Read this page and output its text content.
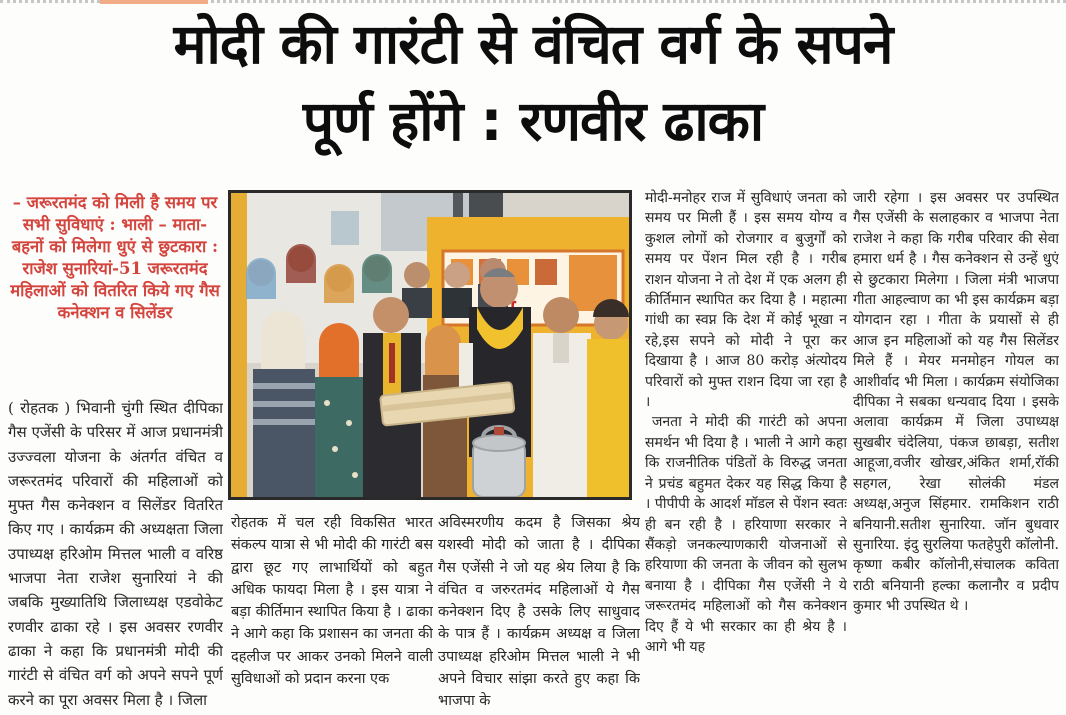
मोदी की गारंटी से वंचित वर्ग के सपने
पूर्ण होंगे : रणवीर ढाका
– जरूरतमंद को मिली है समय पर सभी सुविधाएं : भाली – माता-बहनों को मिलेगा धुएं से छुटकारा : राजेश सुनारियां-51 जरूरतमंद महिलाओं को वितरित किये गए गैस कनेक्शन व सिलेंडर
( रोहतक ) भिवानी चुंगी स्थित दीपिका गैस एजेंसी के परिसर में आज प्रधानमंत्री उज्ज्वला योजना के अंतर्गत वंचित व जरूरतमंद परिवारों की महिलाओं को मुफ्त गैस कनेक्शन व सिलेंडर वितरित किए गए । कार्यक्रम की अध्यक्षता जिला उपाध्यक्ष हरिओम मित्तल भाली व वरिष्ठ भाजपा नेता राजेश सुनारियां ने की जबकि मुख्यातिथि जिलाध्यक्ष एडवोकेट रणवीर ढाका रहे । इस अवसर रणवीर ढाका ने कहा कि प्रधानमंत्री मोदी की गारंटी से वंचित वर्ग को अपने सपने पूर्ण करने का पूरा अवसर मिला है । जिला
रोहतक में चल रही विकसित भारत संकल्प यात्रा से भी मोदी की गारंटी बस द्वारा छूट गए लाभार्थियों को बहुत अधिक फायदा मिला है । इस यात्रा ने बड़ा कीर्तिमान स्थापित किया है । ढाका ने आगे कहा कि प्रशासन का जनता की दहलीज पर आकर उनको मिलने वाली सुविधाओं को प्रदान करना एक
अविस्मरणीय कदम है जिसका श्रेय यशस्वी मोदी को जाता है । दीपिका गैस एजेंसी ने जो यह श्रेय लिया है कि वंचित व जरुरतमंद महिलाओं ये गैस कनेक्शन दिए है उसके लिए साधुवाद के पात्र हैं । कार्यक्रम अध्यक्ष व जिला उपाध्यक्ष हरिओम मित्तल भाली ने भी अपने विचार सांझा करते हुए कहा कि भाजपा के

मोदी-मनोहर राज में सुविधाएं जनता को समय पर मिली हैं । इस समय योग्य व कुशल लोगों को रोजगार व बुजुर्गों को समय पर पेंशन मिल रही है । गरीब राशन योजना ने तो देश में एक अलग ही कीर्तिमान स्थापित कर दिया है । महात्मा गांधी का स्वप्न कि देश में कोई भूखा न रहे,इस सपने को मोदी ने पूरा कर दिखाया है । आज 80 करोड़ अंत्योदय परिवारों को मुफ्त राशन दिया जा रहा है ।

जनता ने मोदी की गारंटी को अपना समर्थन भी दिया है । भाली ने आगे कहा कि राजनीतिक पंडितों के विरुद्ध जनता ने प्रचंड बहुमत देकर यह सिद्ध किया है । पीपीपी के आदर्श मॉडल से पेंशन स्वतः ही बन रही है । हरियाणा सरकार ने सैंकड़ो जनकल्याणकारी योजनाओं से हरियाणा की जनता के जीवन को सुलभ बनाया है । दीपिका गैस एजेंसी ने ये जरूरतमंद महिलाओं को गैस कनेक्शन दिए हैं ये भी सरकार का ही श्रेय है । आगे भी यह

जारी रहेगा । इस अवसर पर उपस्थित गैस एजेंसी के सलाहकार व भाजपा नेता राजेश ने कहा कि गरीब परिवार की सेवा हमारा धर्म है । गैस कनेक्शन से उन्हें धुएं से छुटकारा मिलेगा । जिला मंत्री भाजपा गीता आहल्वाण का भी इस कार्यक्रम बड़ा योगदान रहा । गीता के प्रयासों से ही आज इन महिलाओं को यह गैस सिलेंडर मिले हैं । मेयर मनमोहन गोयल का आशीर्वाद भी मिला । कार्यक्रम संयोजिका दीपिका ने सबका धन्यवाद दिया । इसके अलावा कार्यक्रम में जिला उपाध्यक्ष सुखबीर चंदेलिया, पंकज छाबड़ा, सतीश आहूजा,वजीर खोखर,अंकित शर्मा,रॉकी सहगल, रेखा सोलंकी मंडल अध्यक्ष,अनुज सिंहमार. रामकिशन राठी बनियानी.सतीश सुनारिया. जॉन बुधवार सुनारिया. इंदु सुरलिया फतहेपुरी कॉलोनी. कृष्णा कबीर कॉलोनी,संचालक कविता राठी बनियानी हल्का कलानौर व प्रदीप कुमार भी उपस्थित थे ।
